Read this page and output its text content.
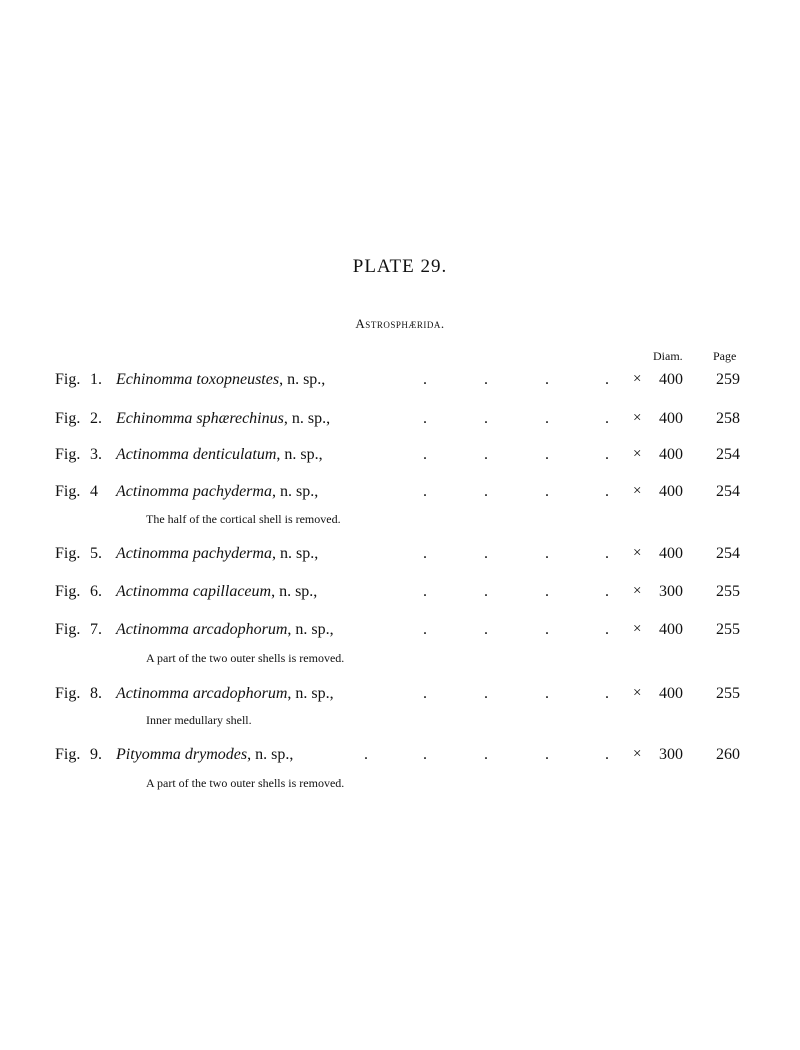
PLATE 29.
Astrosphærida.
Diam.	Page
Fig. 1. Echinomma toxopneustes, n. sp.,	.	.	.	. × 400 259
Fig. 2. Echinomma sphærechinus, n. sp.,	.	.	.	. × 400 258
Fig. 3. Actinomma denticulatum, n. sp.,	.	.	.	. × 400 254
Fig. 4 Actinomma pachyderma, n. sp.,	.	.	.	. × 400 254
The half of the cortical shell is removed.
Fig. 5. Actinomma pachyderma, n. sp.,	.	.	.	. × 400 254
Fig. 6. Actinomma capillaceum, n. sp.,	.	.	.	. × 300 255
Fig. 7. Actinomma arcadophorum, n. sp.,	.	.	.	. × 400 255
A part of the two outer shells is removed.
Fig. 8. Actinomma arcadophorum, n. sp.,	.	.	.	. × 400 255
Inner medullary shell.
Fig. 9. Pityomma drymodes, n. sp.,	.	.	.	.	. × 300 260
A part of the two outer shells is removed.
